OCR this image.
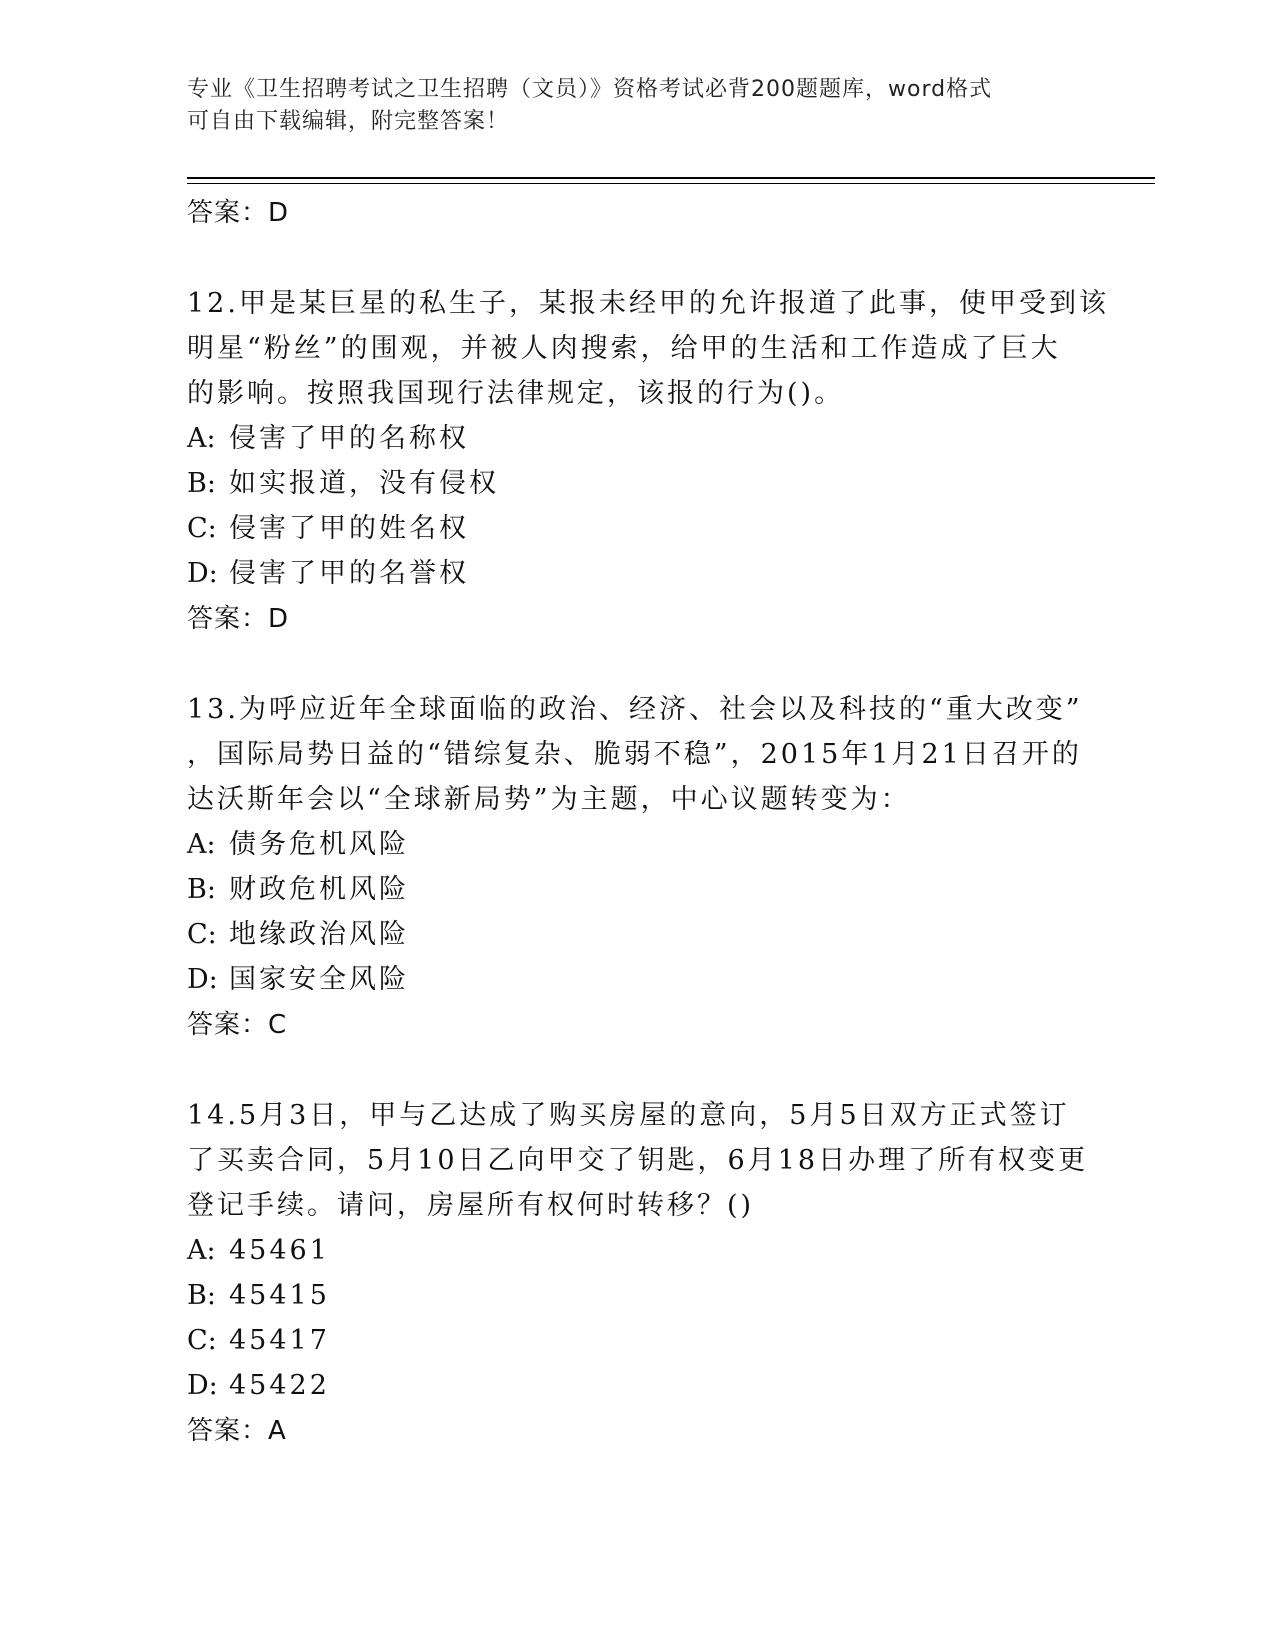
专业《卫生招聘考试之卫生招聘（文员）》资格考试必背200题题库，word格式
可自由下载编辑，附完整答案！
答案：D
12.甲是某巨星的私生子，某报未经甲的允许报道了此事，使甲受到该
明星“粉丝”的围观，并被人肉搜索，给甲的生活和工作造成了巨大
的影响。按照我国现行法律规定，该报的行为()。
A: 侵害了甲的名称权
B: 如实报道，没有侵权
C: 侵害了甲的姓名权
D: 侵害了甲的名誉权
答案：D
13.为呼应近年全球面临的政治、经济、社会以及科技的“重大改变”
，国际局势日益的“错综复杂、脆弱不稳”，2015年1月21日召开的
达沃斯年会以“全球新局势”为主题，中心议题转变为：
A: 债务危机风险
B: 财政危机风险
C: 地缘政治风险
D: 国家安全风险
答案：C
14.5月3日，甲与乙达成了购买房屋的意向，5月5日双方正式签订
了买卖合同，5月10日乙向甲交了钥匙，6月18日办理了所有权变更
登记手续。请问，房屋所有权何时转移？()
A: 45461
B: 45415
C: 45417
D: 45422
答案：A
